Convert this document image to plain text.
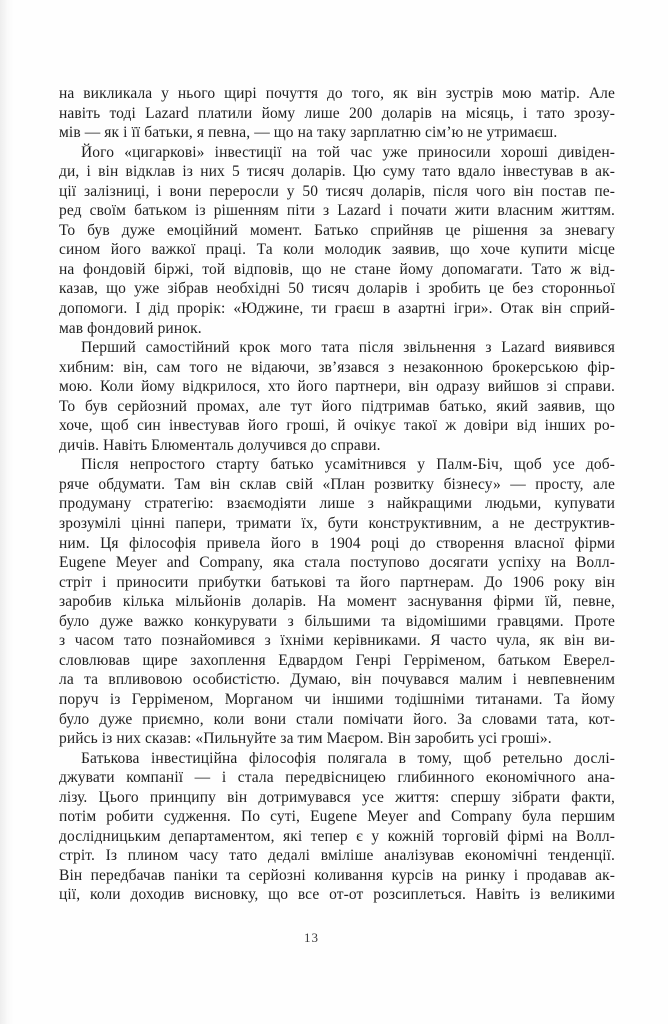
на викликала у нього щирі почуття до того, як він зустрів мою матір. Але
навіть тоді Lazard платили йому лише 200 доларів на місяць, і тато зрозу-
мів — як і її батьки, я певна, — що на таку зарплатню сім’ю не утримаєш.
Його «цигаркові» інвестиції на той час уже приносили хороші дивіден-
ди, і він відклав із них 5 тисяч доларів. Цю суму тато вдало інвестував в ак-
ції залізниці, і вони переросли у 50 тисяч доларів, після чого він постав пе-
ред своїм батьком із рішенням піти з Lazard і почати жити власним життям.
То був дуже емоційний момент. Батько сприйняв це рішення за зневагу
сином його важкої праці. Та коли молодик заявив, що хоче купити місце
на фондовій біржі, той відповів, що не стане йому допомагати. Тато ж від-
казав, що уже зібрав необхідні 50 тисяч доларів і зробить це без сторонньої
допомоги. І дід прорік: «Юджине, ти граєш в азартні ігри». Отак він сприй-
мав фондовий ринок.
Перший самостійний крок мого тата після звільнення з Lazard виявився
хибним: він, сам того не відаючи, зв’язався з незаконною брокерською фір-
мою. Коли йому відкрилося, хто його партнери, він одразу вийшов зі справи.
То був серйозний промах, але тут його підтримав батько, який заявив, що
хоче, щоб син інвестував його гроші, й очікує такої ж довіри від інших ро-
дичів. Навіть Блюменталь долучився до справи.
Після непростого старту батько усамітнився у Палм-Біч, щоб усе доб-
ряче обдумати. Там він склав свій «План розвитку бізнесу» — просту, але
продуману стратегію: взаємодіяти лише з найкращими людьми, купувати
зрозумілі цінні папери, тримати їх, бути конструктивним, а не деструктив-
ним. Ця філософія привела його в 1904 році до створення власної фірми
Eugene Meyer and Company, яка стала поступово досягати успіху на Волл-
стріт і приносити прибутки батькові та його партнерам. До 1906 року він
заробив кілька мільйонів доларів. На момент заснування фірми їй, певне,
було дуже важко конкурувати з більшими та відомішими гравцями. Проте
з часом тато познайомився з їхніми керівниками. Я часто чула, як він ви-
словлював щире захоплення Едвардом Генрі Герріменом, батьком Еверел-
ла та впливовою особистістю. Думаю, він почувався малим і невпевненим
поруч із Герріменом, Морганом чи іншими тодішніми титанами. Та йому
було дуже приємно, коли вони стали помічати його. За словами тата, кот-
рийсь із них сказав: «Пильнуйте за тим Маєром. Він заробить усі гроші».
Батькова інвестиційна філософія полягала в тому, щоб ретельно дослі-
джувати компанії — і стала передвісницею глибинного економічного ана-
лізу. Цього принципу він дотримувався усе життя: спершу зібрати факти,
потім робити судження. По суті, Eugene Meyer and Company була першим
дослідницьким департаментом, які тепер є у кожній торговій фірмі на Волл-
стріт. Із плином часу тато дедалі вміліше аналізував економічні тенденції.
Він передбачав паніки та серйозні коливання курсів на ринку і продавав ак-
ції, коли доходив висновку, що все от-от розсиплеться. Навіть із великими
13
